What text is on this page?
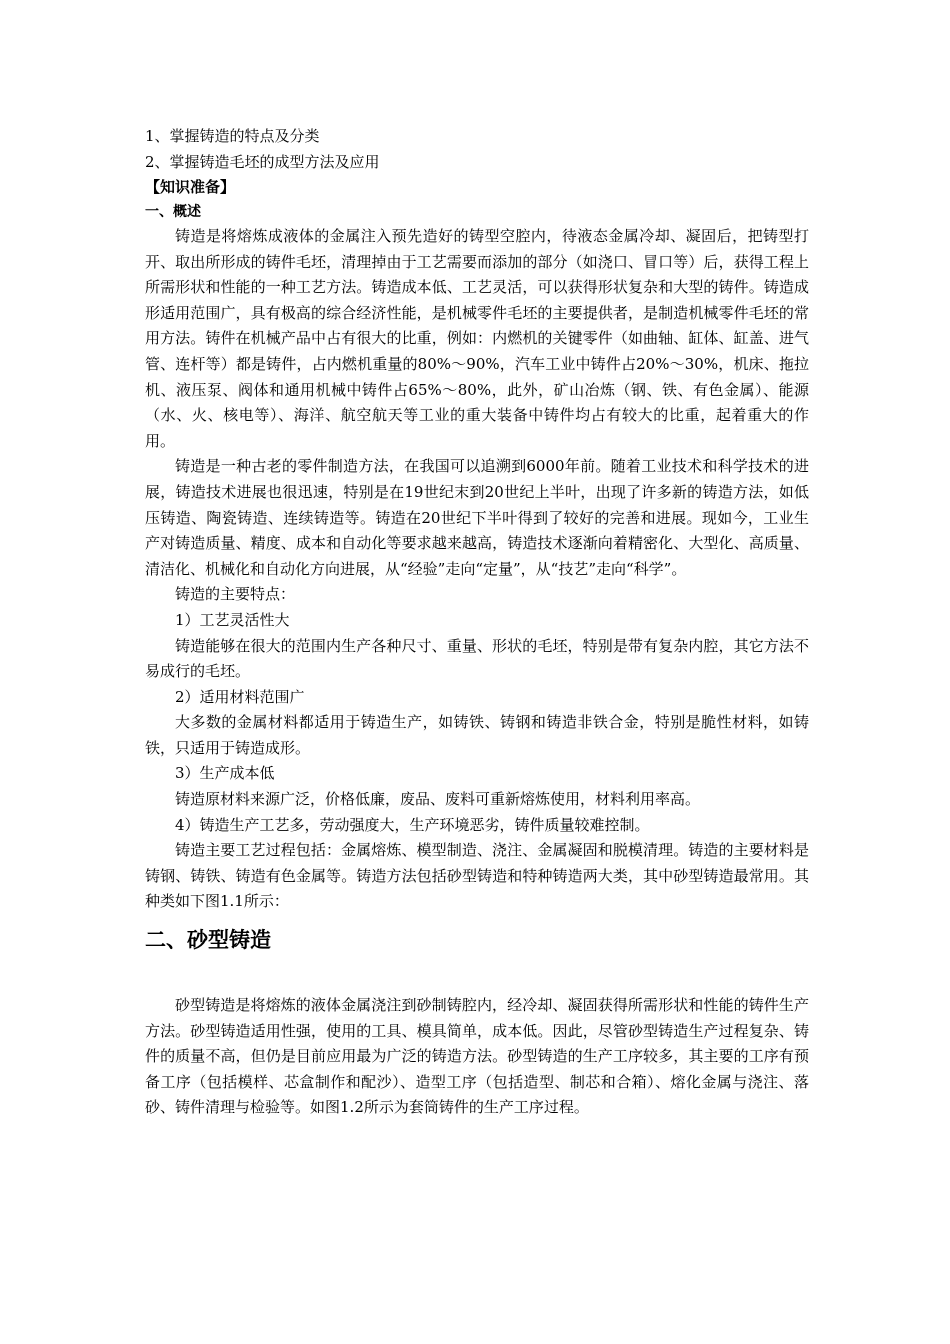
1、掌握铸造的特点及分类

2、掌握铸造毛坯的成型方法及应用

【知识准备】

一、概述

铸造是将熔炼成液体的金属注入预先造好的铸型空腔内，待液态金属冷却、凝固后，把铸型打开、取出所形成的铸件毛坯，清理掉由于工艺需要而添加的部分（如浇口、冒口等）后，获得工程上所需形状和性能的一种工艺方法。铸造成本低、工艺灵活，可以获得形状复杂和大型的铸件。铸造成形适用范围广，具有极高的综合经济性能，是机械零件毛坯的主要提供者，是制造机械零件毛坯的常用方法。铸件在机械产品中占有很大的比重，例如：内燃机的关键零件（如曲轴、缸体、缸盖、进气管、连杆等）都是铸件，占内燃机重量的80%～90%，汽车工业中铸件占20%～30%，机床、拖拉机、液压泵、阀体和通用机械中铸件占65%～80%，此外，矿山冶炼（钢、铁、有色金属）、能源（水、火、核电等）、海洋、航空航天等工业的重大装备中铸件均占有较大的比重，起着重大的作用。

铸造是一种古老的零件制造方法，在我国可以追溯到6000年前。随着工业技术和科学技术的进展，铸造技术进展也很迅速，特别是在19世纪末到20世纪上半叶，出现了许多新的铸造方法，如低压铸造、陶瓷铸造、连续铸造等。铸造在20世纪下半叶得到了较好的完善和进展。现如今，工业生产对铸造质量、精度、成本和自动化等要求越来越高，铸造技术逐渐向着精密化、大型化、高质量、清洁化、机械化和自动化方向进展，从“经验”走向“定量”，从“技艺”走向“科学”。

铸造的主要特点：

1）工艺灵活性大

铸造能够在很大的范围内生产各种尺寸、重量、形状的毛坯，特别是带有复杂内腔，其它方法不易成行的毛坯。

2）适用材料范围广

大多数的金属材料都适用于铸造生产，如铸铁、铸钢和铸造非铁合金，特别是脆性材料，如铸铁，只适用于铸造成形。

3）生产成本低

铸造原材料来源广泛，价格低廉，废品、废料可重新熔炼使用，材料利用率高。

4）铸造生产工艺多，劳动强度大，生产环境恶劣，铸件质量较难控制。

铸造主要工艺过程包括：金属熔炼、模型制造、浇注、金属凝固和脱模清理。铸造的主要材料是铸钢、铸铁、铸造有色金属等。铸造方法包括砂型铸造和特种铸造两大类，其中砂型铸造最常用。其种类如下图1.1所示：

二、砂型铸造

砂型铸造是将熔炼的液体金属浇注到砂制铸腔内，经冷却、凝固获得所需形状和性能的铸件生产方法。砂型铸造适用性强，使用的工具、模具简单，成本低。因此，尽管砂型铸造生产过程复杂、铸件的质量不高，但仍是目前应用最为广泛的铸造方法。砂型铸造的生产工序较多，其主要的工序有预备工序（包括模样、芯盒制作和配沙）、造型工序（包括造型、制芯和合箱）、熔化金属与浇注、落砂、铸件清理与检验等。如图1.2所示为套筒铸件的生产工序过程。
